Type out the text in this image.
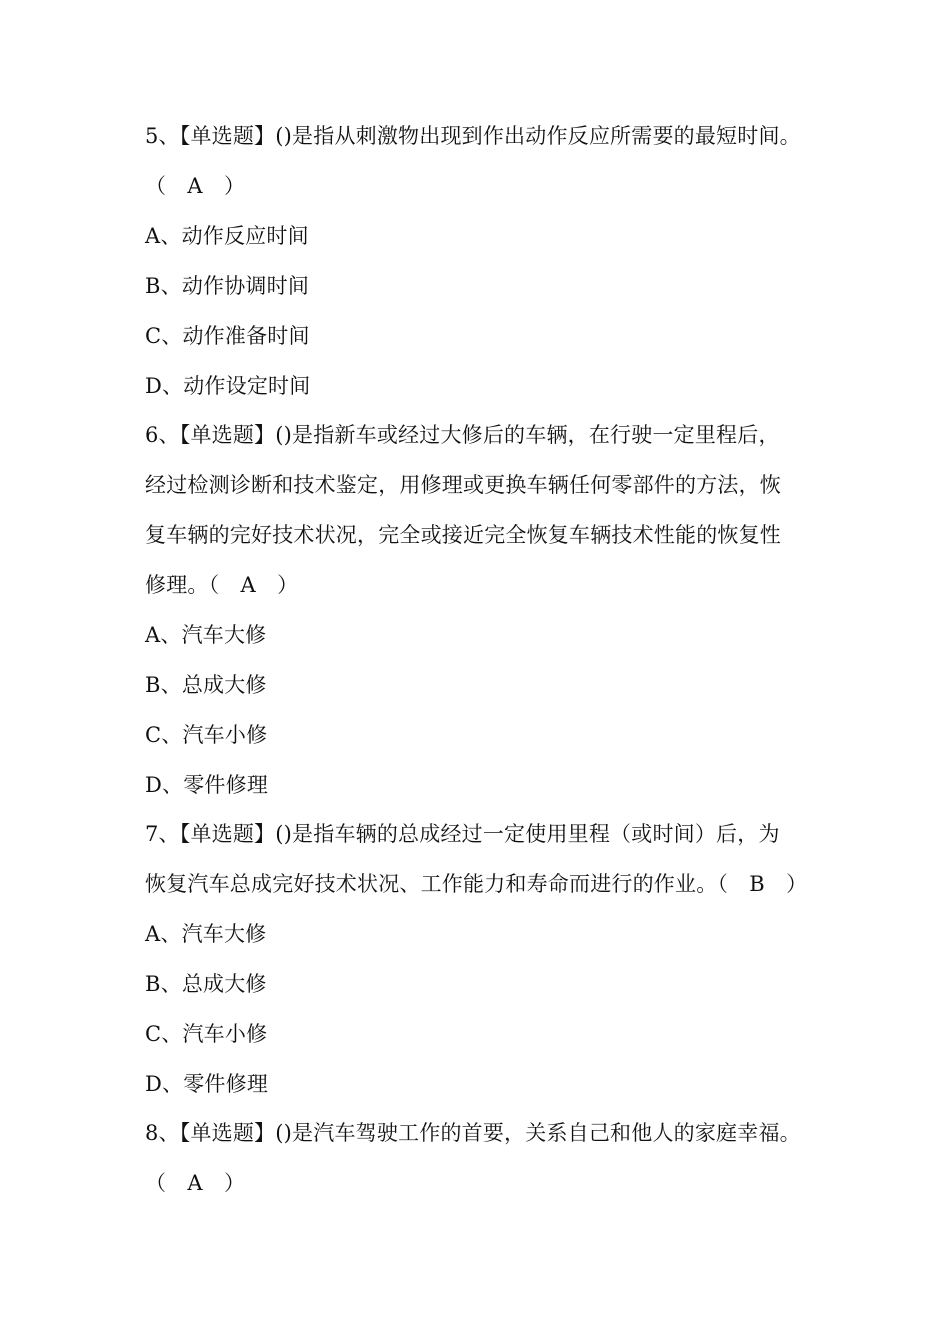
5、【单选题】()是指从刺激物出现到作出动作反应所需要的最短时间。
（　A　）
A、动作反应时间
B、动作协调时间
C、动作准备时间
D、动作设定时间
6、【单选题】()是指新车或经过大修后的车辆，在行驶一定里程后，
经过检测诊断和技术鉴定，用修理或更换车辆任何零部件的方法，恢
复车辆的完好技术状况，完全或接近完全恢复车辆技术性能的恢复性
修理。（　A　）
A、汽车大修
B、总成大修
C、汽车小修
D、零件修理
7、【单选题】()是指车辆的总成经过一定使用里程（或时间）后，为
恢复汽车总成完好技术状况、工作能力和寿命而进行的作业。（　B　）
A、汽车大修
B、总成大修
C、汽车小修
D、零件修理
8、【单选题】()是汽车驾驶工作的首要，关系自己和他人的家庭幸福。
（　A　）
